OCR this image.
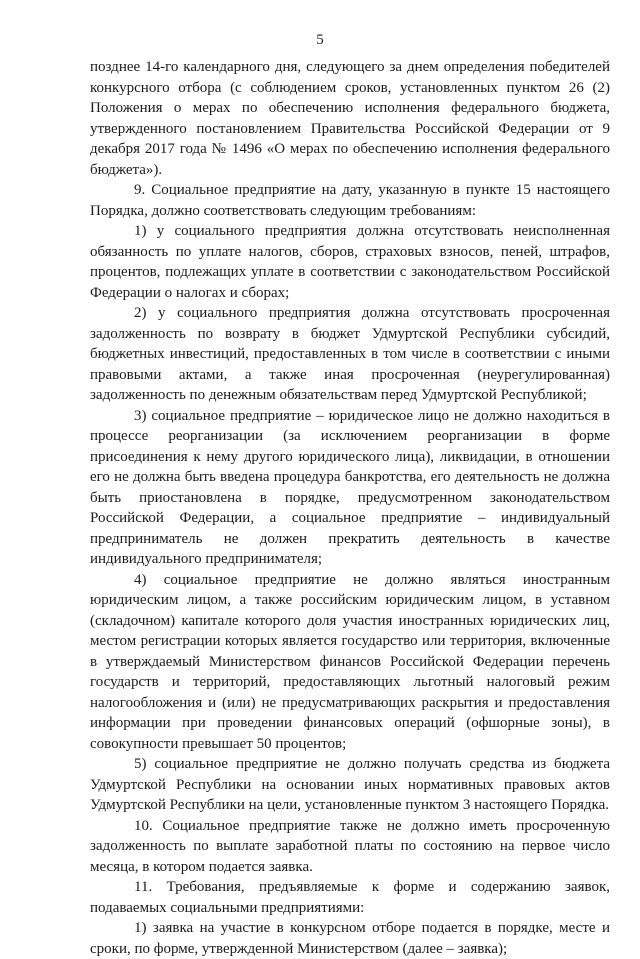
5

позднее 14-го календарного дня, следующего за днем определения победителей конкурсного отбора (с соблюдением сроков, установленных пунктом 26 (2) Положения о мерах по обеспечению исполнения федерального бюджета, утвержденного постановлением Правительства Российской Федерации от 9 декабря 2017 года № 1496 «О мерах по обеспечению исполнения федерального бюджета»).

9. Социальное предприятие на дату, указанную в пункте 15 настоящего Порядка, должно соответствовать следующим требованиям:

1) у социального предприятия должна отсутствовать неисполненная обязанность по уплате налогов, сборов, страховых взносов, пеней, штрафов, процентов, подлежащих уплате в соответствии с законодательством Российской Федерации о налогах и сборах;

2) у социального предприятия должна отсутствовать просроченная задолженность по возврату в бюджет Удмуртской Республики субсидий, бюджетных инвестиций, предоставленных в том числе в соответствии с иными правовыми актами, а также иная просроченная (неурегулированная) задолженность по денежным обязательствам перед Удмуртской Республикой;

3) социальное предприятие – юридическое лицо не должно находиться в процессе реорганизации (за исключением реорганизации в форме присоединения к нему другого юридического лица), ликвидации, в отношении его не должна быть введена процедура банкротства, его деятельность не должна быть приостановлена в порядке, предусмотренном законодательством Российской Федерации, а социальное предприятие – индивидуальный предприниматель не должен прекратить деятельность в качестве индивидуального предпринимателя;

4) социальное предприятие не должно являться иностранным юридическим лицом, а также российским юридическим лицом, в уставном (складочном) капитале которого доля участия иностранных юридических лиц, местом регистрации которых является государство или территория, включенные в утверждаемый Министерством финансов Российской Федерации перечень государств и территорий, предоставляющих льготный налоговый режим налогообложения и (или) не предусматривающих раскрытия и предоставления информации при проведении финансовых операций (офшорные зоны), в совокупности превышает 50 процентов;

5) социальное предприятие не должно получать средства из бюджета Удмуртской Республики на основании иных нормативных правовых актов Удмуртской Республики на цели, установленные пунктом 3 настоящего Порядка.

10. Социальное предприятие также не должно иметь просроченную задолженность по выплате заработной платы по состоянию на первое число месяца, в котором подается заявка.

11. Требования, предъявляемые к форме и содержанию заявок, подаваемых социальными предприятиями:

1) заявка на участие в конкурсном отборе подается в порядке, месте и сроки, по форме, утвержденной Министерством (далее – заявка);
